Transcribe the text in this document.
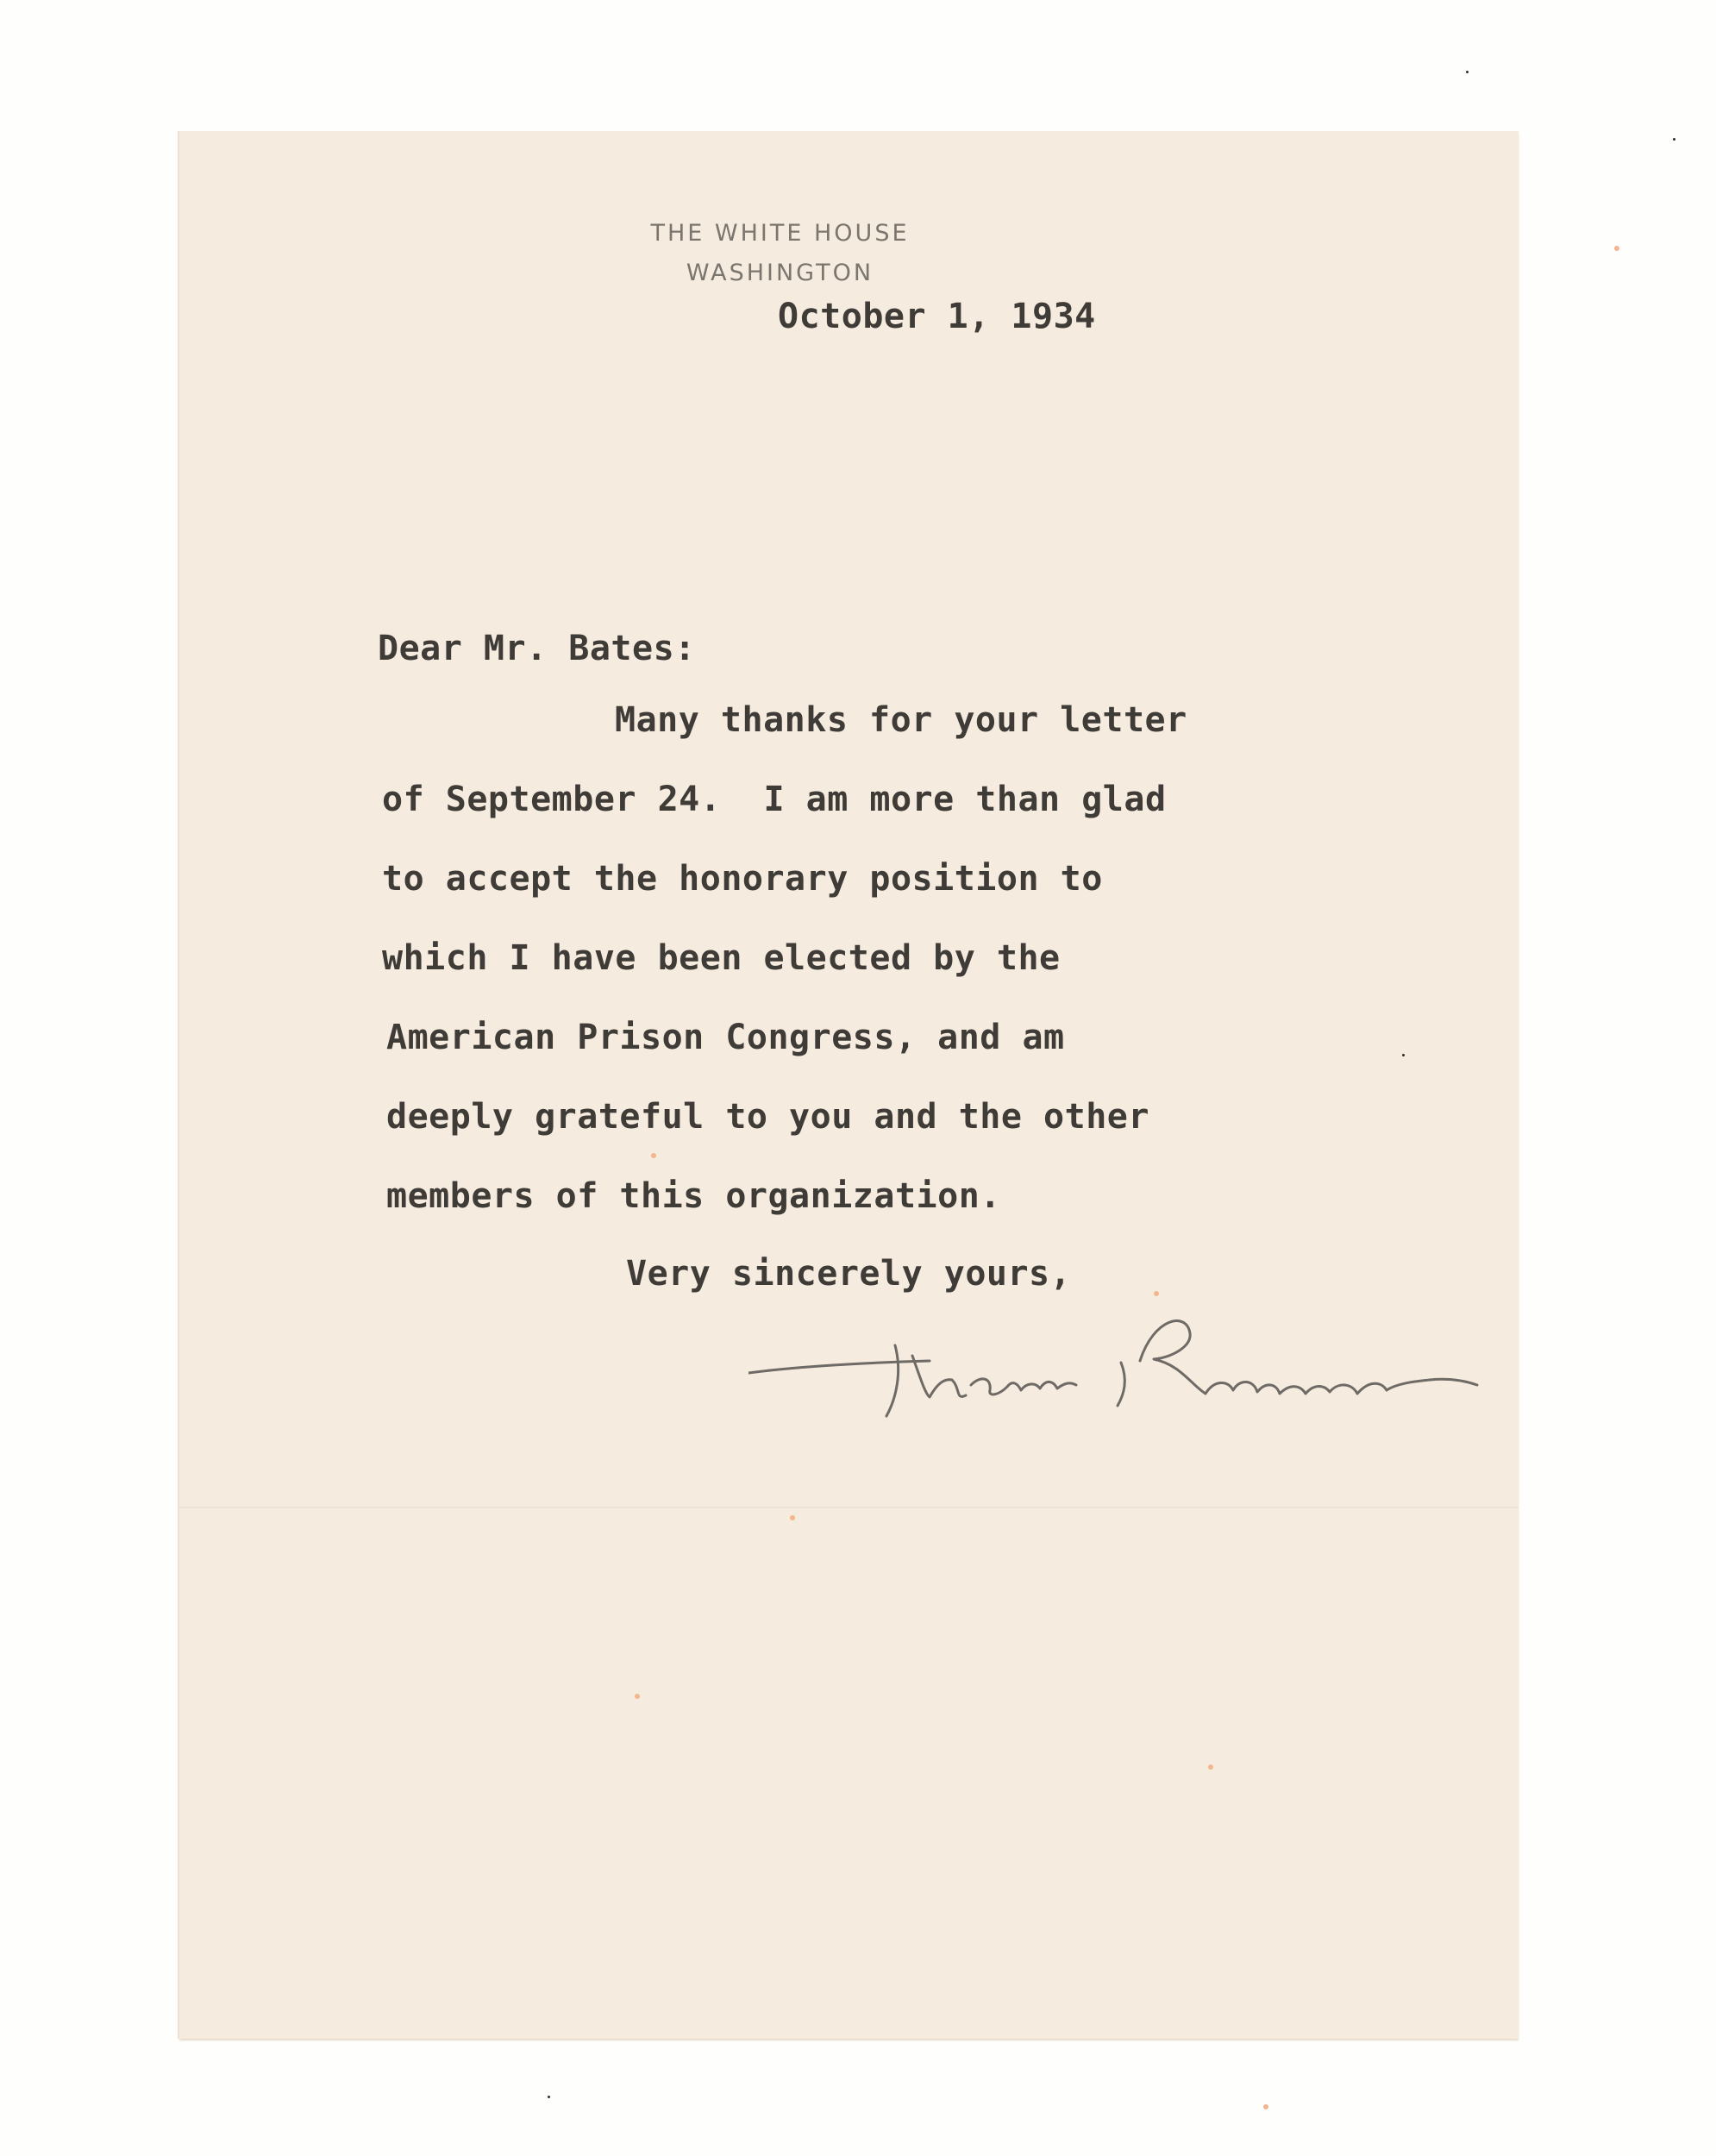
THE WHITE HOUSE
WASHINGTON
October 1, 1934
Dear Mr. Bates:
Many thanks for your letter
of September 24.  I am more than glad
to accept the honorary position to
which I have been elected by the
American Prison Congress, and am
deeply grateful to you and the other
members of this organization.
Very sincerely yours,
